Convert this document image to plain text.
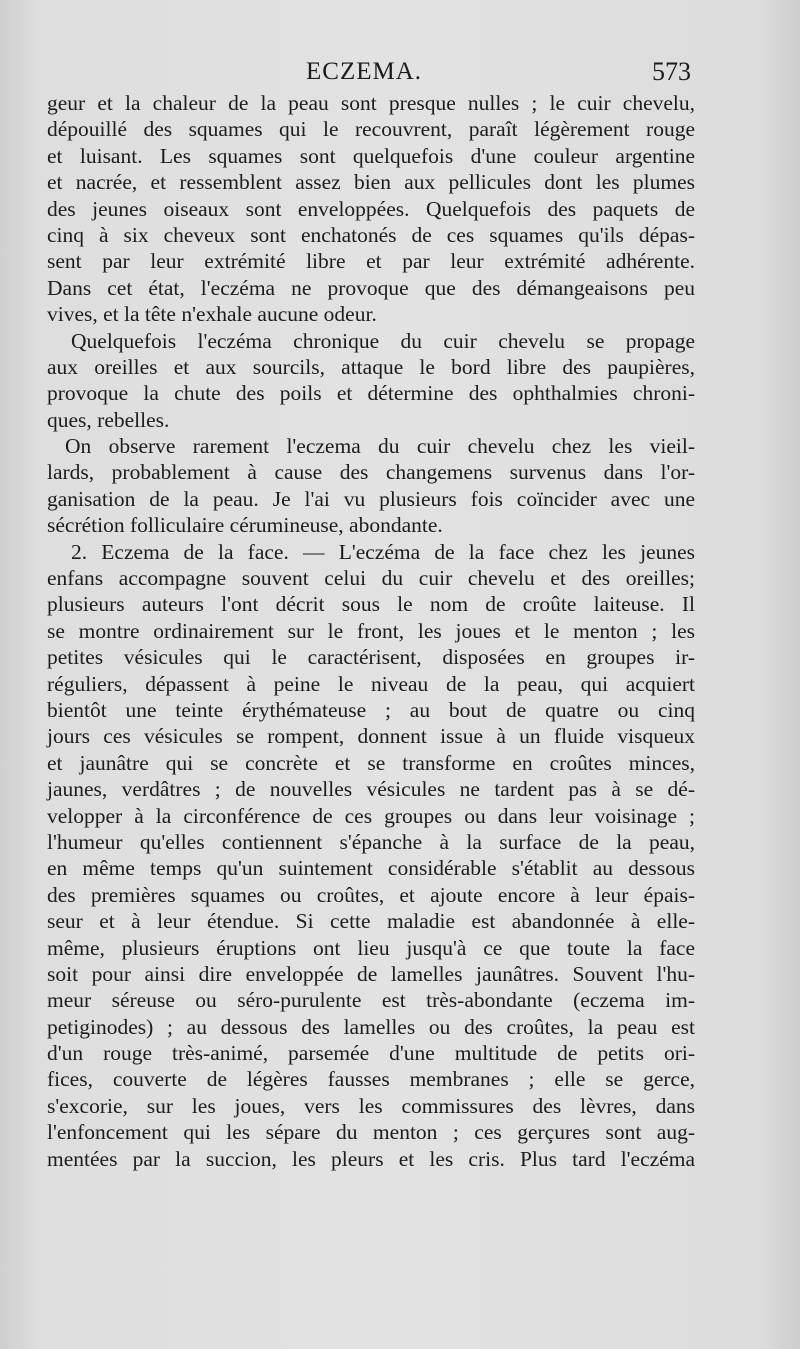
ECZEMA.	573
geur et la chaleur de la peau sont presque nulles ; le cuir chevelu,
dépouillé des squames qui le recouvrent, paraît légèrement rouge
et luisant. Les squames sont quelquefois d'une couleur argentine
et nacrée, et ressemblent assez bien aux pellicules dont les plumes
des jeunes oiseaux sont enveloppées. Quelquefois des paquets de
cinq à six cheveux sont enchatonés de ces squames qu'ils dépas-
sent par leur extrémité libre et par leur extrémité adhérente.
Dans cet état, l'eczéma ne provoque que des démangeaisons peu
vives, et la tête n'exhale aucune odeur.
Quelquefois l'eczéma chronique du cuir chevelu se propage
aux oreilles et aux sourcils, attaque le bord libre des paupières,
provoque la chute des poils et détermine des ophthalmies chroni-
ques, rebelles.
On observe rarement l'eczema du cuir chevelu chez les vieil-
lards, probablement à cause des changemens survenus dans l'or-
ganisation de la peau. Je l'ai vu plusieurs fois coïncider avec une
sécrétion folliculaire cérumineuse, abondante.
2. Eczema de la face. — L'eczéma de la face chez les jeunes
enfans accompagne souvent celui du cuir chevelu et des oreilles;
plusieurs auteurs l'ont décrit sous le nom de croûte laiteuse. Il
se montre ordinairement sur le front, les joues et le menton ; les
petites vésicules qui le caractérisent, disposées en groupes ir-
réguliers, dépassent à peine le niveau de la peau, qui acquiert
bientôt une teinte érythémateuse ; au bout de quatre ou cinq
jours ces vésicules se rompent, donnent issue à un fluide visqueux
et jaunâtre qui se concrète et se transforme en croûtes minces,
jaunes, verdâtres ; de nouvelles vésicules ne tardent pas à se dé-
velopper à la circonférence de ces groupes ou dans leur voisinage ;
l'humeur qu'elles contiennent s'épanche à la surface de la peau,
en même temps qu'un suintement considérable s'établit au dessous
des premières squames ou croûtes, et ajoute encore à leur épais-
seur et à leur étendue. Si cette maladie est abandonnée à elle-
même, plusieurs éruptions ont lieu jusqu'à ce que toute la face
soit pour ainsi dire enveloppée de lamelles jaunâtres. Souvent l'hu-
meur séreuse ou séro-purulente est très-abondante (eczema im-
petiginodes) ; au dessous des lamelles ou des croûtes, la peau est
d'un rouge très-animé, parsemée d'une multitude de petits ori-
fices, couverte de légères fausses membranes ; elle se gerce,
s'excorie, sur les joues, vers les commissures des lèvres, dans
l'enfoncement qui les sépare du menton ; ces gerçures sont aug-
mentées par la succion, les pleurs et les cris. Plus tard l'eczéma
